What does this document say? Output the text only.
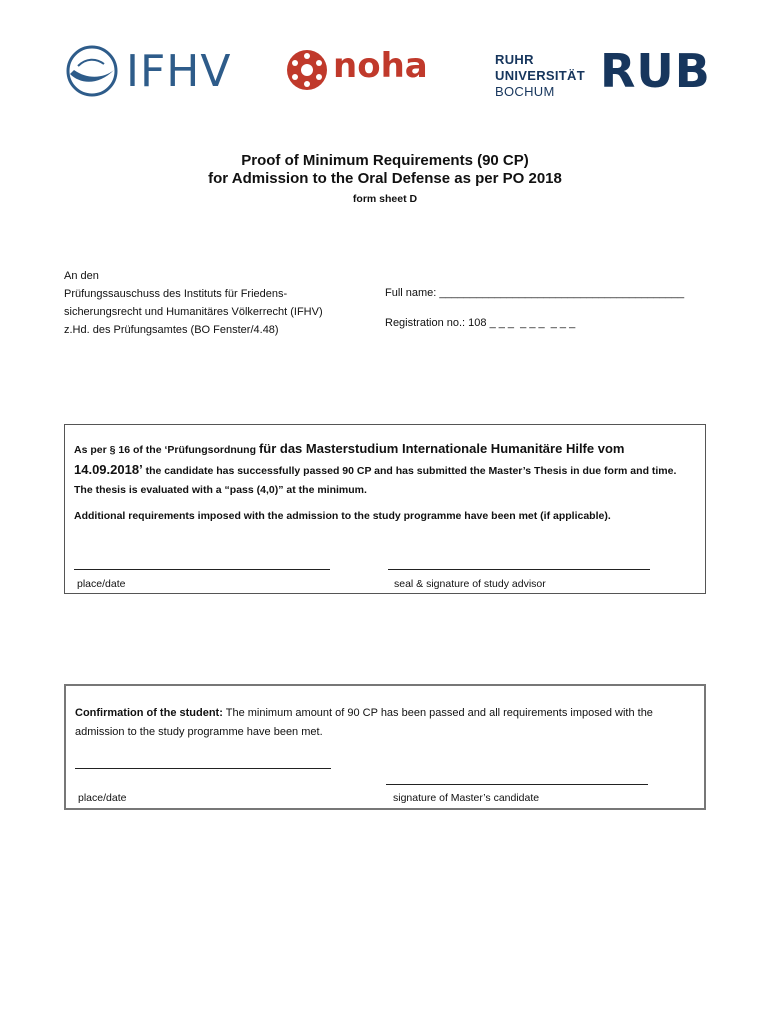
IFHV	noha	RUHR
UNIVERSITÄT
BOCHUM RUB
Proof of Minimum Requirements (90 CP)
for Admission to the Oral Defense as per PO 2018
form sheet D
An den
Prüfungssauschuss des Instituts für Friedens-
sicherungsrecht und Humanitäres Völkerrecht (IFHV)
z.Hd. des Prüfungsamtes (BO Fenster/4.48)
Full name: ________________________________________
Registration no.: 108 _ _ _  _ _ _  _ _ _
As per § 16 of the ‘Prüfungsordnung für das Masterstudium Internationale Humanitäre Hilfe vom 14.09.2018’ the candidate has successfully passed 90 CP and has submitted the Master’s Thesis in due form and time. The thesis is evaluated with a “pass (4,0)” at the minimum.
Additional requirements imposed with the admission to the study programme have been met (if applicable).
place/date	seal & signature of study advisor
Confirmation of the student: The minimum amount of 90 CP has been passed and all requirements imposed with the admission to the study programme have been met.
place/date	signature of Master’s candidate
